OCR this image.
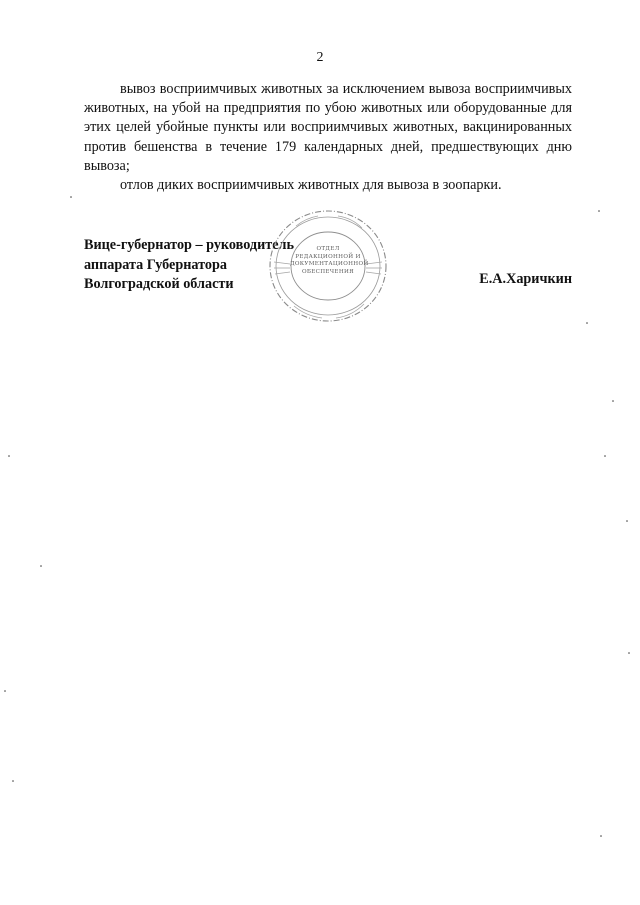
2

вывоз восприимчивых животных за исключением вывоза восприимчивых животных, на убой на предприятия по убою животных или оборудованные для этих целей убойные пункты или восприимчивых животных, вакцинированных против бешенства в течение 179 календарных дней, предшествующих дню вывоза;

отлов диких восприимчивых животных для вывоза в зоопарки.

Вице-губернатор – руководитель
аппарата Губернатора
Волгоградской области	Е.А.Харичкин
ОТДЕЛ
РЕДАКЦИОННОЙ И
ДОКУМЕНТАЦИОННОЙ
ОБЕСПЕЧЕНИЯ
